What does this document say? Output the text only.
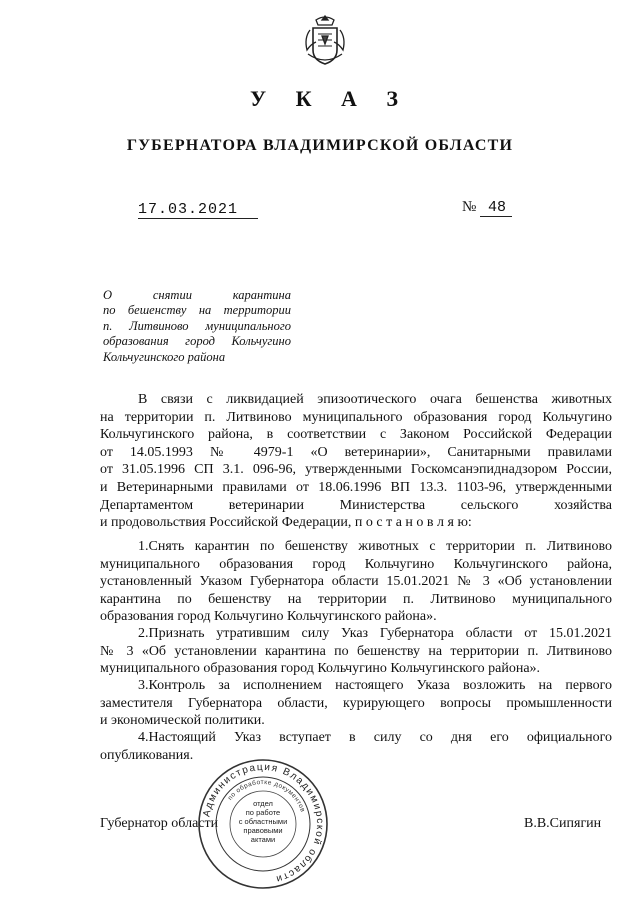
У К А З
ГУБЕРНАТОРА ВЛАДИМИРСКОЙ ОБЛАСТИ
17.03.2021	№ 48
О снятии карантина
по бешенству на территории
п. Литвиново муниципального
образования город Кольчугино
Кольчугинского района
В связи с ликвидацией эпизоотического очага бешенства животных
на территории п. Литвиново муниципального образования город Кольчугино
Кольчугинского района, в соответствии с Законом Российской Федерации
от 14.05.1993 № 4979-1 «О ветеринарии», Санитарными правилами
от 31.05.1996 СП 3.1. 096-96, утвержденными Госкомсанэпиднадзором России,
и Ветеринарными правилами от 18.06.1996 ВП 13.3. 1103-96, утвержденными
Департаментом ветеринарии Министерства сельского хозяйства
и продовольствия Российской Федерации, п о с т а н о в л я ю:
1.Снять карантин по бешенству животных с территории п. Литвиново
муниципального образования город Кольчугино Кольчугинского района,
установленный Указом Губернатора области 15.01.2021 № 3 «Об установлении
карантина по бешенству на территории п. Литвиново муниципального
образования город Кольчугино Кольчугинского района».
2.Признать утратившим силу Указ Губернатора области от 15.01.2021
№ 3 «Об установлении карантина по бешенству на территории п. Литвиново
муниципального образования город Кольчугино Кольчугинского района».
3.Контроль за исполнением настоящего Указа возложить на первого
заместителя Губернатора области, курирующего вопросы промышленности
и экономической политики.
4.Настоящий Указ вступает в силу со дня его официального
опубликования.
Губернатор области	В.В.Сипягин
Администрация Владимирской области
по обработке документов
отдел
по работе
с областными
правовыми
актами
